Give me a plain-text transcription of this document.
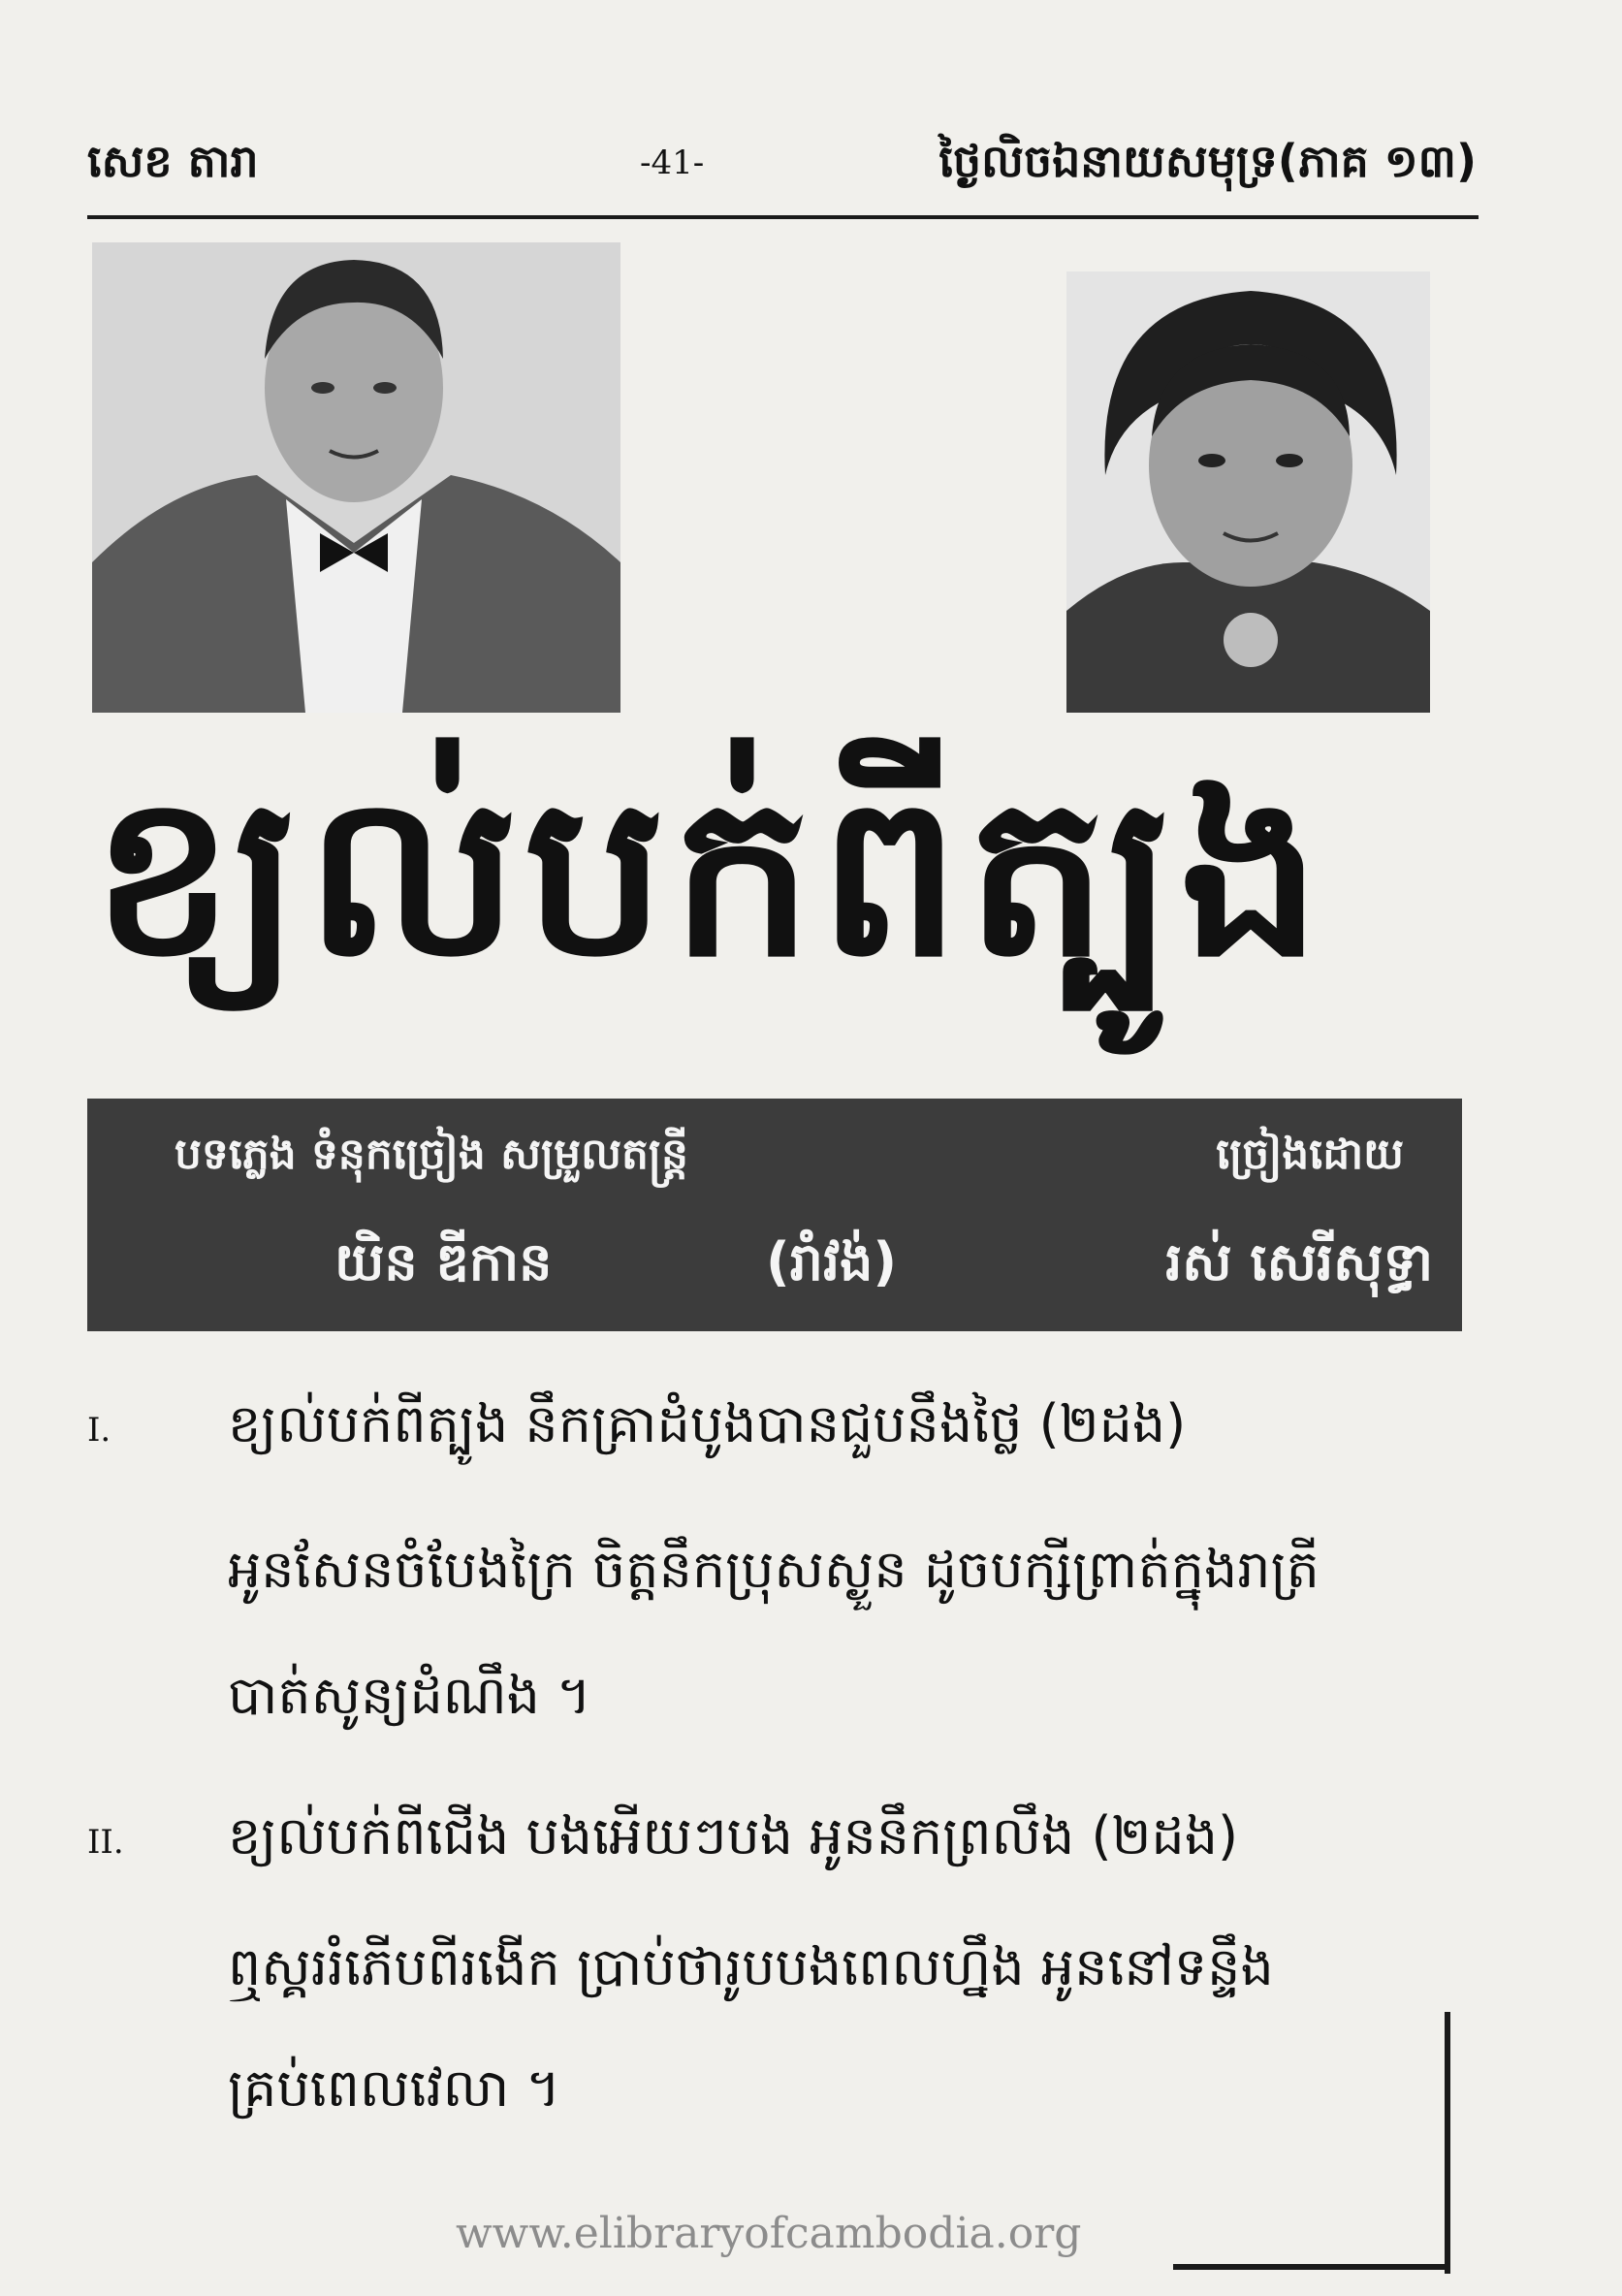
សេខ តារា	-41-	ថ្ងៃលិចឯនាយសមុទ្រ(ភាគ ១៣)
ខ្យល់បក់ពីត្បូង
បទភ្លេង ទំនុកច្រៀង សម្រួលតន្ត្រី	ច្រៀងដោយ
យិន ឌីកាន	(រាំវង់)	រស់ សេរីសុទ្ធា
I. ខ្យល់បក់ពីត្បូង នឹកគ្រាដំបូងបានជួបនឹងថ្លៃ (២ដង)
អូនសែនចំបែងក្រៃ ចិត្តនឹកប្រុសស្ងួន ដូចបក្សីព្រាត់ក្នុងរាត្រី
បាត់សូន្យដំណឹង ។
II. ខ្យល់បក់ពីជើង បងអើយៗបង អូននឹកព្រលឹង (២ដង)
ឮស្គររំភើបពីរងើក ប្រាប់ថារូបបងពេលហ្នឹង អូននៅទន្ទឹង
គ្រប់ពេលវេលា ។
www.elibraryofcambodia.org
